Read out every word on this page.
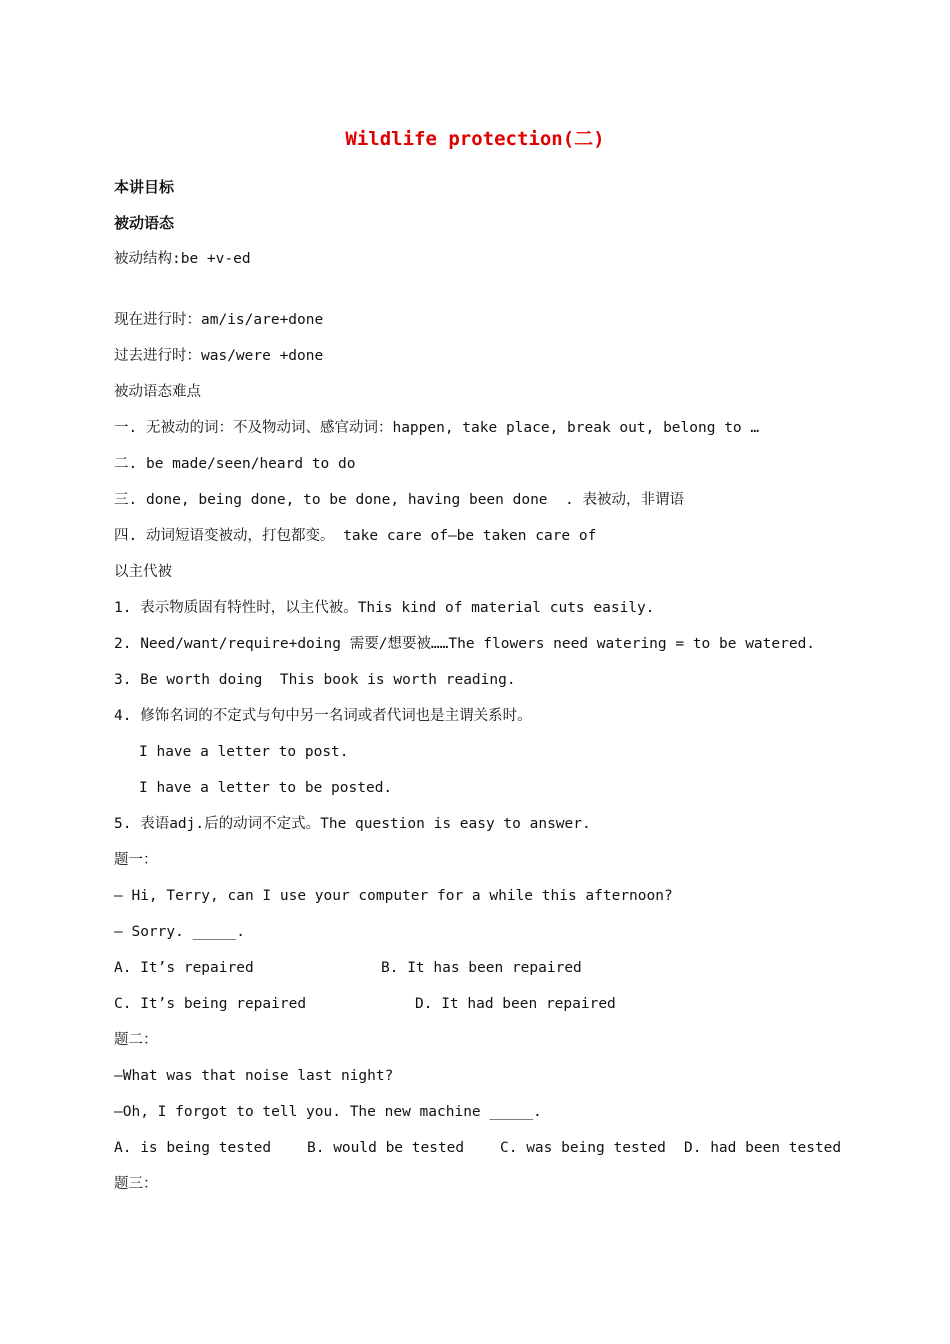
Wildlife protection(二)
本讲目标
被动语态
被动结构:be +v-ed
现在进行时：am/is/are+done
过去进行时：was/were +done
被动语态难点
一. 无被动的词：不及物动词、感官动词：happen, take place, break out, belong to …
二. be made/seen/heard to do
三. done, being done, to be done, having been done  . 表被动，非谓语
四. 动词短语变被动，打包都变。 take care of—be taken care of
以主代被
1. 表示物质固有特性时，以主代被。This kind of material cuts easily.
2. Need/want/require+doing 需要/想要被……The flowers need watering = to be watered.
3. Be worth doing  This book is worth reading.
4. 修饰名词的不定式与句中另一名词或者代词也是主谓关系时。
I have a letter to post.
I have a letter to be posted.
5. 表语adj.后的动词不定式。The question is easy to answer.
题一：
— Hi, Terry, can I use your computer for a while this afternoon?
— Sorry. _____.
A. It’s repaired	B. It has been repaired
C. It’s being repaired	D. It had been repaired
题二：
—What was that noise last night?
—Oh, I forgot to tell you. The new machine _____.
A. is being tested B. would be tested C. was being tested D. had been tested
题三：
